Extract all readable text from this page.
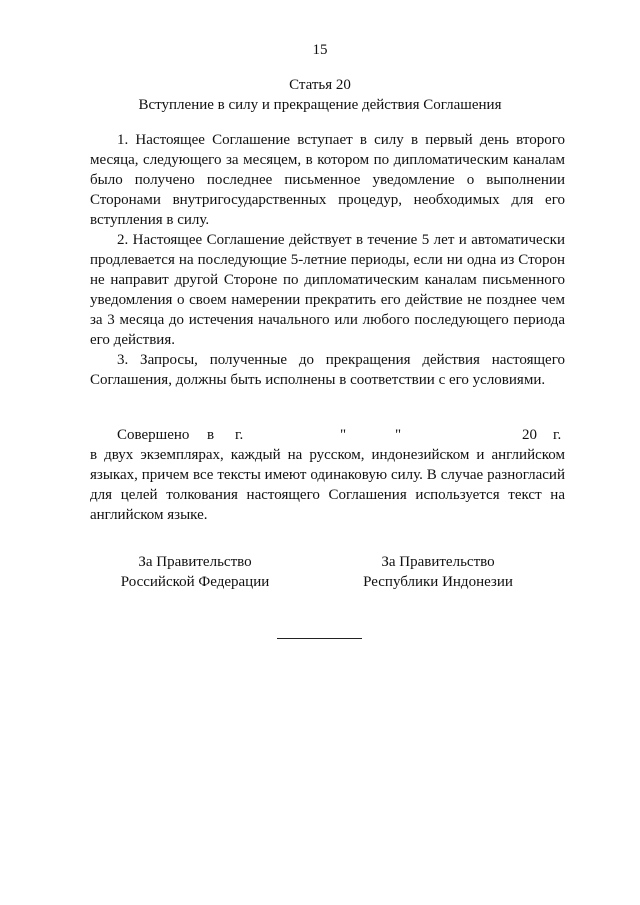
15
Статья 20
Вступление в силу и прекращение действия Соглашения

1. Настоящее Соглашение вступает в силу в первый день второго месяца, следующего за месяцем, в котором по дипломатическим каналам было получено последнее письменное уведомление о выполнении Сторонами внутригосударственных процедур, необходимых для его вступления в силу.

2. Настоящее Соглашение действует в течение 5 лет и автоматически продлевается на последующие 5-летние периоды, если ни одна из Сторон не направит другой Стороне по дипломатическим каналам письменного уведомления о своем намерении прекратить его действие не позднее чем за 3 месяца до истечения начального или любого последующего периода его действия.

3. Запросы, полученные до прекращения действия настоящего Соглашения, должны быть исполнены в соответствии с его условиями.

Совершено в г.	"	"	20 г.

в двух экземплярах, каждый на русском, индонезийском и английском языках, причем все тексты имеют одинаковую силу. В случае разногласий для целей толкования настоящего Соглашения используется текст на английском языке.

За Правительство
Российской Федерации
За Правительство
Республики Индонезии
